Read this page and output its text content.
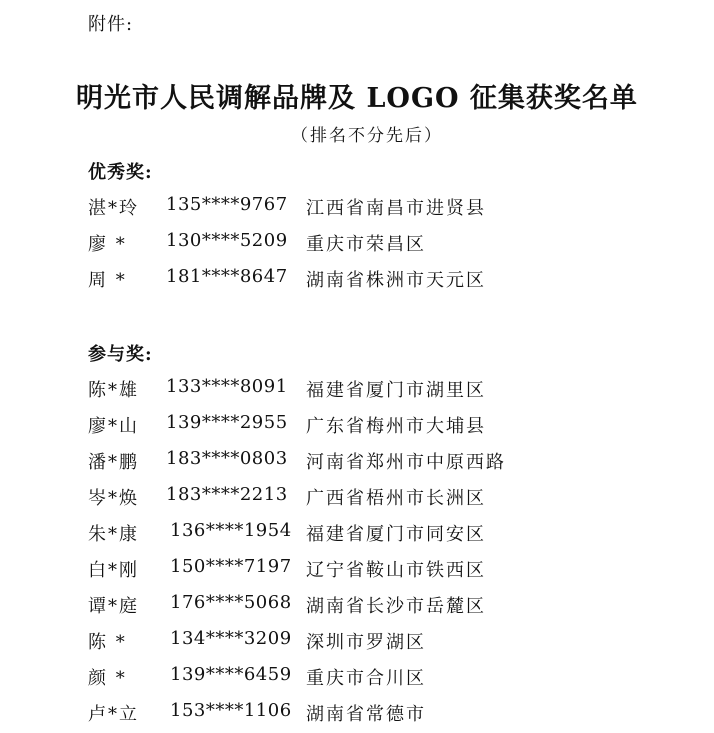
附件:
明光市人民调解品牌及 LOGO 征集获奖名单
（排名不分先后）
优秀奖:
湛*玲	135****9767	江西省南昌市进贤县
廖 *	130****5209	重庆市荣昌区
周 *	181****8647	湖南省株洲市天元区
参与奖:
陈*雄	133****8091	福建省厦门市湖里区
廖*山	139****2955	广东省梅州市大埔县
潘*鹏	183****0803	河南省郑州市中原西路
岑*焕	183****2213	广西省梧州市长洲区
朱*康	136****1954 福建省厦门市同安区
白*刚	150****7197 辽宁省鞍山市铁西区
谭*庭	176****5068 湖南省长沙市岳麓区
陈 *	134****3209 深圳市罗湖区
颜 *	139****6459 重庆市合川区
卢*立	153****1106 湖南省常德市
